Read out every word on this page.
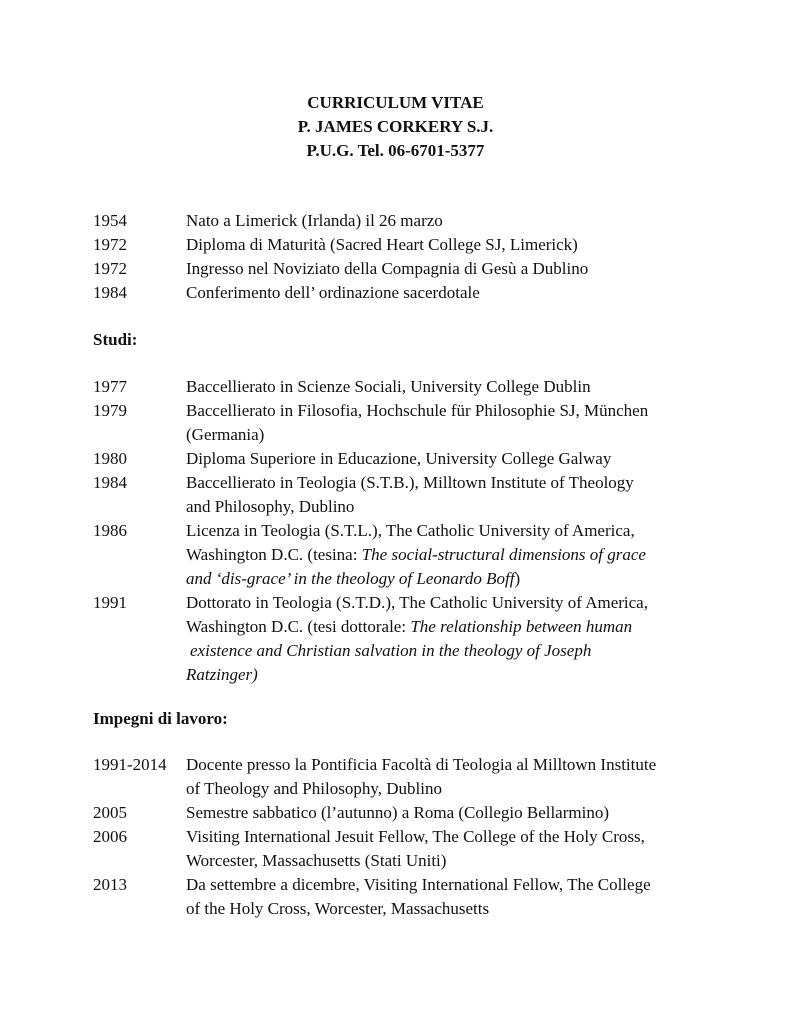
CURRICULUM VITAE
P. JAMES CORKERY S.J.
P.U.G. Tel. 06-6701-5377
1954	Nato a Limerick (Irlanda) il 26 marzo
1972	Diploma di Maturità (Sacred Heart College SJ, Limerick)
1972	Ingresso nel Noviziato della Compagnia di Gesù a Dublino
1984	Conferimento dell’ ordinazione sacerdotale
Studi:
1977	Baccellierato in Scienze Sociali, University College Dublin
1979	Baccellierato in Filosofia, Hochschule für Philosophie SJ, München
(Germania)
1980	Diploma Superiore in Educazione, University College Galway
1984	Baccellierato in Teologia (S.T.B.), Milltown Institute of Theology
and Philosophy, Dublino
1986	Licenza in Teologia (S.T.L.), The Catholic University of America,
Washington D.C. (tesina: The social-structural dimensions of grace
and ‘dis-grace’ in the theology of Leonardo Boff)
1991	Dottorato in Teologia (S.T.D.), The Catholic University of America,
Washington D.C. (tesi dottorale: The relationship between human
existence and Christian salvation in the theology of Joseph
Ratzinger)
Impegni di lavoro:
1991-2014	Docente presso la Pontificia Facoltà di Teologia al Milltown Institute
of Theology and Philosophy, Dublino
2005	Semestre sabbatico (l’autunno) a Roma (Collegio Bellarmino)
2006	Visiting International Jesuit Fellow, The College of the Holy Cross,
Worcester, Massachusetts (Stati Uniti)
2013	Da settembre a dicembre, Visiting International Fellow, The College
of the Holy Cross, Worcester, Massachusetts
